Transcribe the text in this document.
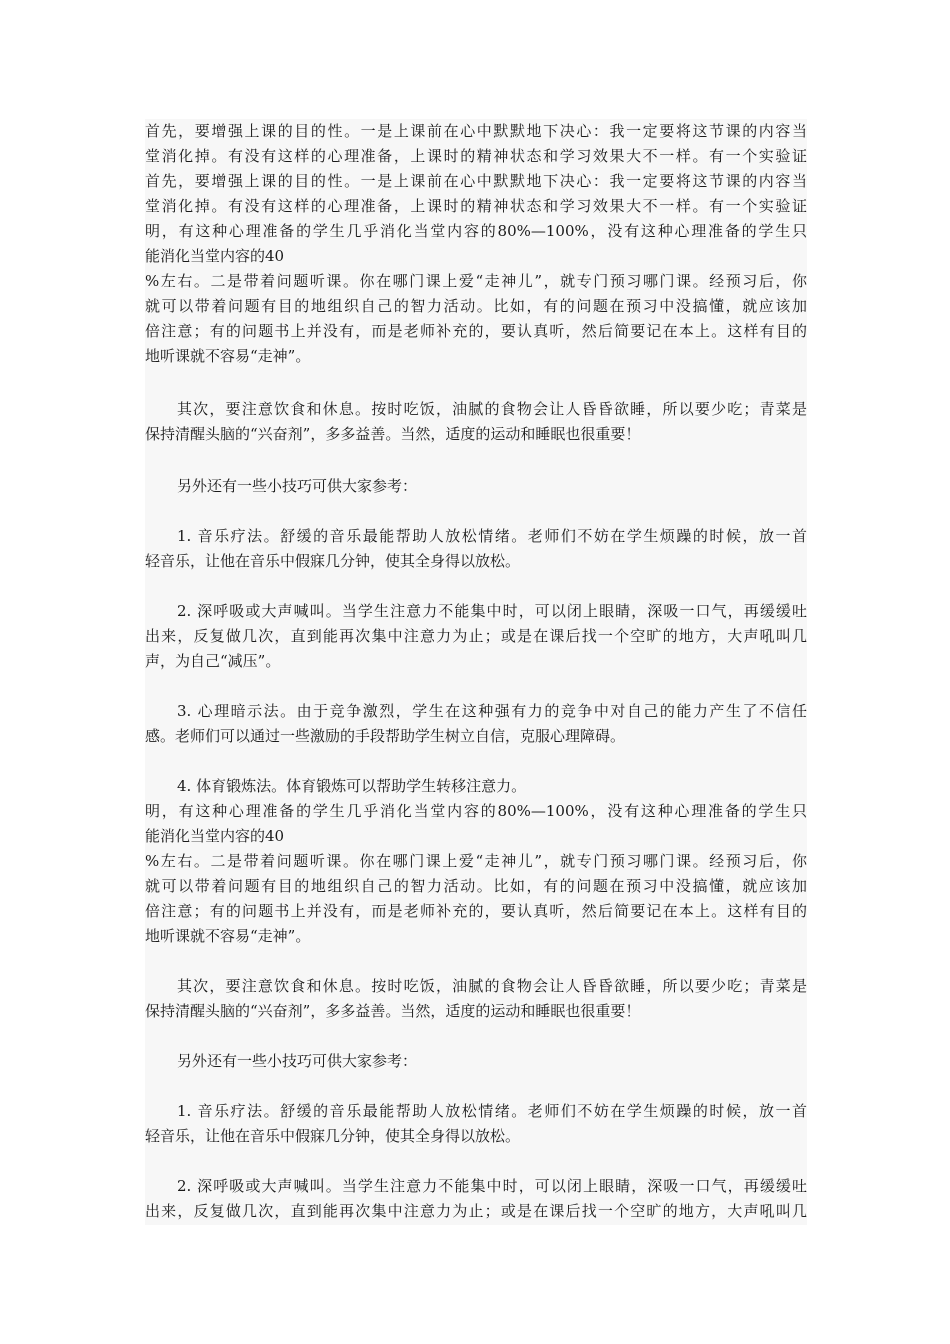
首先，要增强上课的目的性。一是上课前在心中默默地下决心：我一定要将这节课的内容当
堂消化掉。有没有这样的心理准备，上课时的精神状态和学习效果大不一样。有一个实验证
首先，要增强上课的目的性。一是上课前在心中默默地下决心：我一定要将这节课的内容当
堂消化掉。有没有这样的心理准备，上课时的精神状态和学习效果大不一样。有一个实验证
明，有这种心理准备的学生几乎消化当堂内容的80%—100%，没有这种心理准备的学生只
能消化当堂内容的40
%左右。二是带着问题听课。你在哪门课上爱“走神儿”，就专门预习哪门课。经预习后，你
就可以带着问题有目的地组织自己的智力活动。比如，有的问题在预习中没搞懂，就应该加
倍注意；有的问题书上并没有，而是老师补充的，要认真听，然后简要记在本上。这样有目的
地听课就不容易“走神”。
其次，要注意饮食和休息。按时吃饭，油腻的食物会让人昏昏欲睡，所以要少吃；青菜是
保持清醒头脑的“兴奋剂”，多多益善。当然，适度的运动和睡眠也很重要！
另外还有一些小技巧可供大家参考：
1. 音乐疗法。舒缓的音乐最能帮助人放松情绪。老师们不妨在学生烦躁的时候，放一首
轻音乐，让他在音乐中假寐几分钟，使其全身得以放松。
2. 深呼吸或大声喊叫。当学生注意力不能集中时，可以闭上眼睛，深吸一口气，再缓缓吐
出来，反复做几次，直到能再次集中注意力为止；或是在课后找一个空旷的地方，大声吼叫几
声，为自己“减压”。
3. 心理暗示法。由于竞争激烈，学生在这种强有力的竞争中对自己的能力产生了不信任
感。老师们可以通过一些激励的手段帮助学生树立自信，克服心理障碍。
4. 体育锻炼法。体育锻炼可以帮助学生转移注意力。
明，有这种心理准备的学生几乎消化当堂内容的80%—100%，没有这种心理准备的学生只
能消化当堂内容的40
%左右。二是带着问题听课。你在哪门课上爱“走神儿”，就专门预习哪门课。经预习后，你
就可以带着问题有目的地组织自己的智力活动。比如，有的问题在预习中没搞懂，就应该加
倍注意；有的问题书上并没有，而是老师补充的，要认真听，然后简要记在本上。这样有目的
地听课就不容易“走神”。
其次，要注意饮食和休息。按时吃饭，油腻的食物会让人昏昏欲睡，所以要少吃；青菜是
保持清醒头脑的“兴奋剂”，多多益善。当然，适度的运动和睡眠也很重要！
另外还有一些小技巧可供大家参考：
1. 音乐疗法。舒缓的音乐最能帮助人放松情绪。老师们不妨在学生烦躁的时候，放一首
轻音乐，让他在音乐中假寐几分钟，使其全身得以放松。
2. 深呼吸或大声喊叫。当学生注意力不能集中时，可以闭上眼睛，深吸一口气，再缓缓吐
出来，反复做几次，直到能再次集中注意力为止；或是在课后找一个空旷的地方，大声吼叫几
